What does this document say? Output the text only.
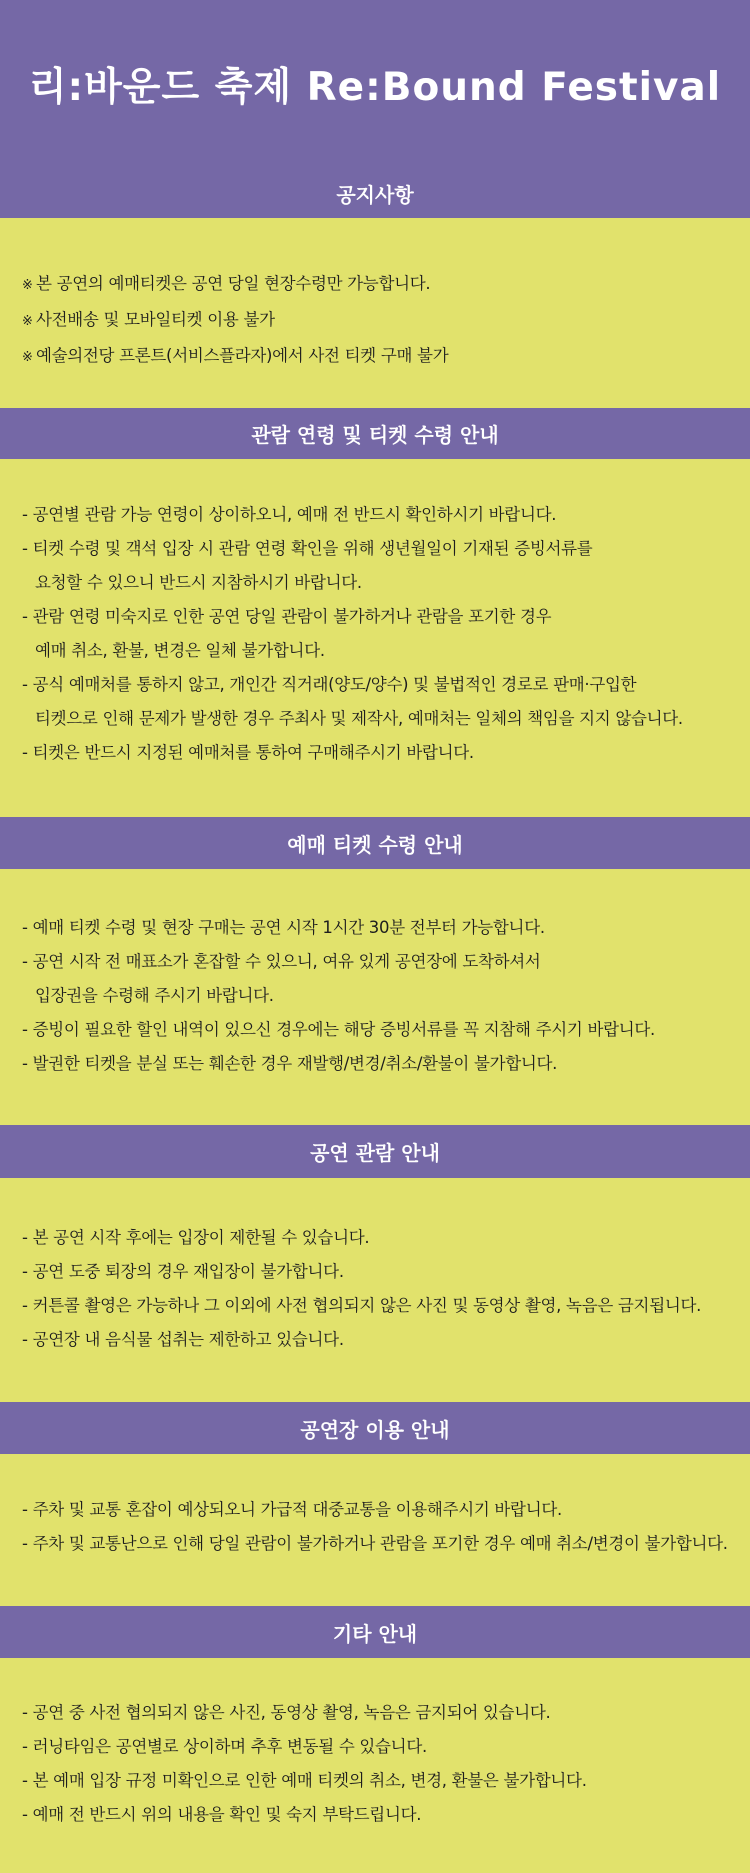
리:바운드 축제 Re:Bound Festival
공지사항
※ 본 공연의 예매티켓은 공연 당일 현장수령만 가능합니다.
※ 사전배송 및 모바일티켓 이용 불가
※ 예술의전당 프론트(서비스플라자)에서 사전 티켓 구매 불가
관람 연령 및 티켓 수령 안내
- 공연별 관람 가능 연령이 상이하오니, 예매 전 반드시 확인하시기 바랍니다.
- 티켓 수령 및 객석 입장 시 관람 연령 확인을 위해 생년월일이 기재된 증빙서류를
요청할 수 있으니 반드시 지참하시기 바랍니다.
- 관람 연령 미숙지로 인한 공연 당일 관람이 불가하거나 관람을 포기한 경우
예매 취소, 환불, 변경은 일체 불가합니다.
- 공식 예매처를 통하지 않고, 개인간 직거래(양도/양수) 및 불법적인 경로로 판매·구입한
티켓으로 인해 문제가 발생한 경우 주최사 및 제작사, 예매처는 일체의 책임을 지지 않습니다.
- 티켓은 반드시 지정된 예매처를 통하여 구매해주시기 바랍니다.
예매 티켓 수령 안내
- 예매 티켓 수령 및 현장 구매는 공연 시작 1시간 30분 전부터 가능합니다.
- 공연 시작 전 매표소가 혼잡할 수 있으니, 여유 있게 공연장에 도착하셔서
입장권을 수령해 주시기 바랍니다.
- 증빙이 필요한 할인 내역이 있으신 경우에는 해당 증빙서류를 꼭 지참해 주시기 바랍니다.
- 발권한 티켓을 분실 또는 훼손한 경우 재발행/변경/취소/환불이 불가합니다.
공연 관람 안내
- 본 공연 시작 후에는 입장이 제한될 수 있습니다.
- 공연 도중 퇴장의 경우 재입장이 불가합니다.
- 커튼콜 촬영은 가능하나 그 이외에 사전 협의되지 않은 사진 및 동영상 촬영, 녹음은 금지됩니다.
- 공연장 내 음식물 섭취는 제한하고 있습니다.
공연장 이용 안내
- 주차 및 교통 혼잡이 예상되오니 가급적 대중교통을 이용해주시기 바랍니다.
- 주차 및 교통난으로 인해 당일 관람이 불가하거나 관람을 포기한 경우 예매 취소/변경이 불가합니다.
기타 안내
- 공연 중 사전 협의되지 않은 사진, 동영상 촬영, 녹음은 금지되어 있습니다.
- 러닝타임은 공연별로 상이하며 추후 변동될 수 있습니다.
- 본 예매 입장 규정 미확인으로 인한 예매 티켓의 취소, 변경, 환불은 불가합니다.
- 예매 전 반드시 위의 내용을 확인 및 숙지 부탁드립니다.
